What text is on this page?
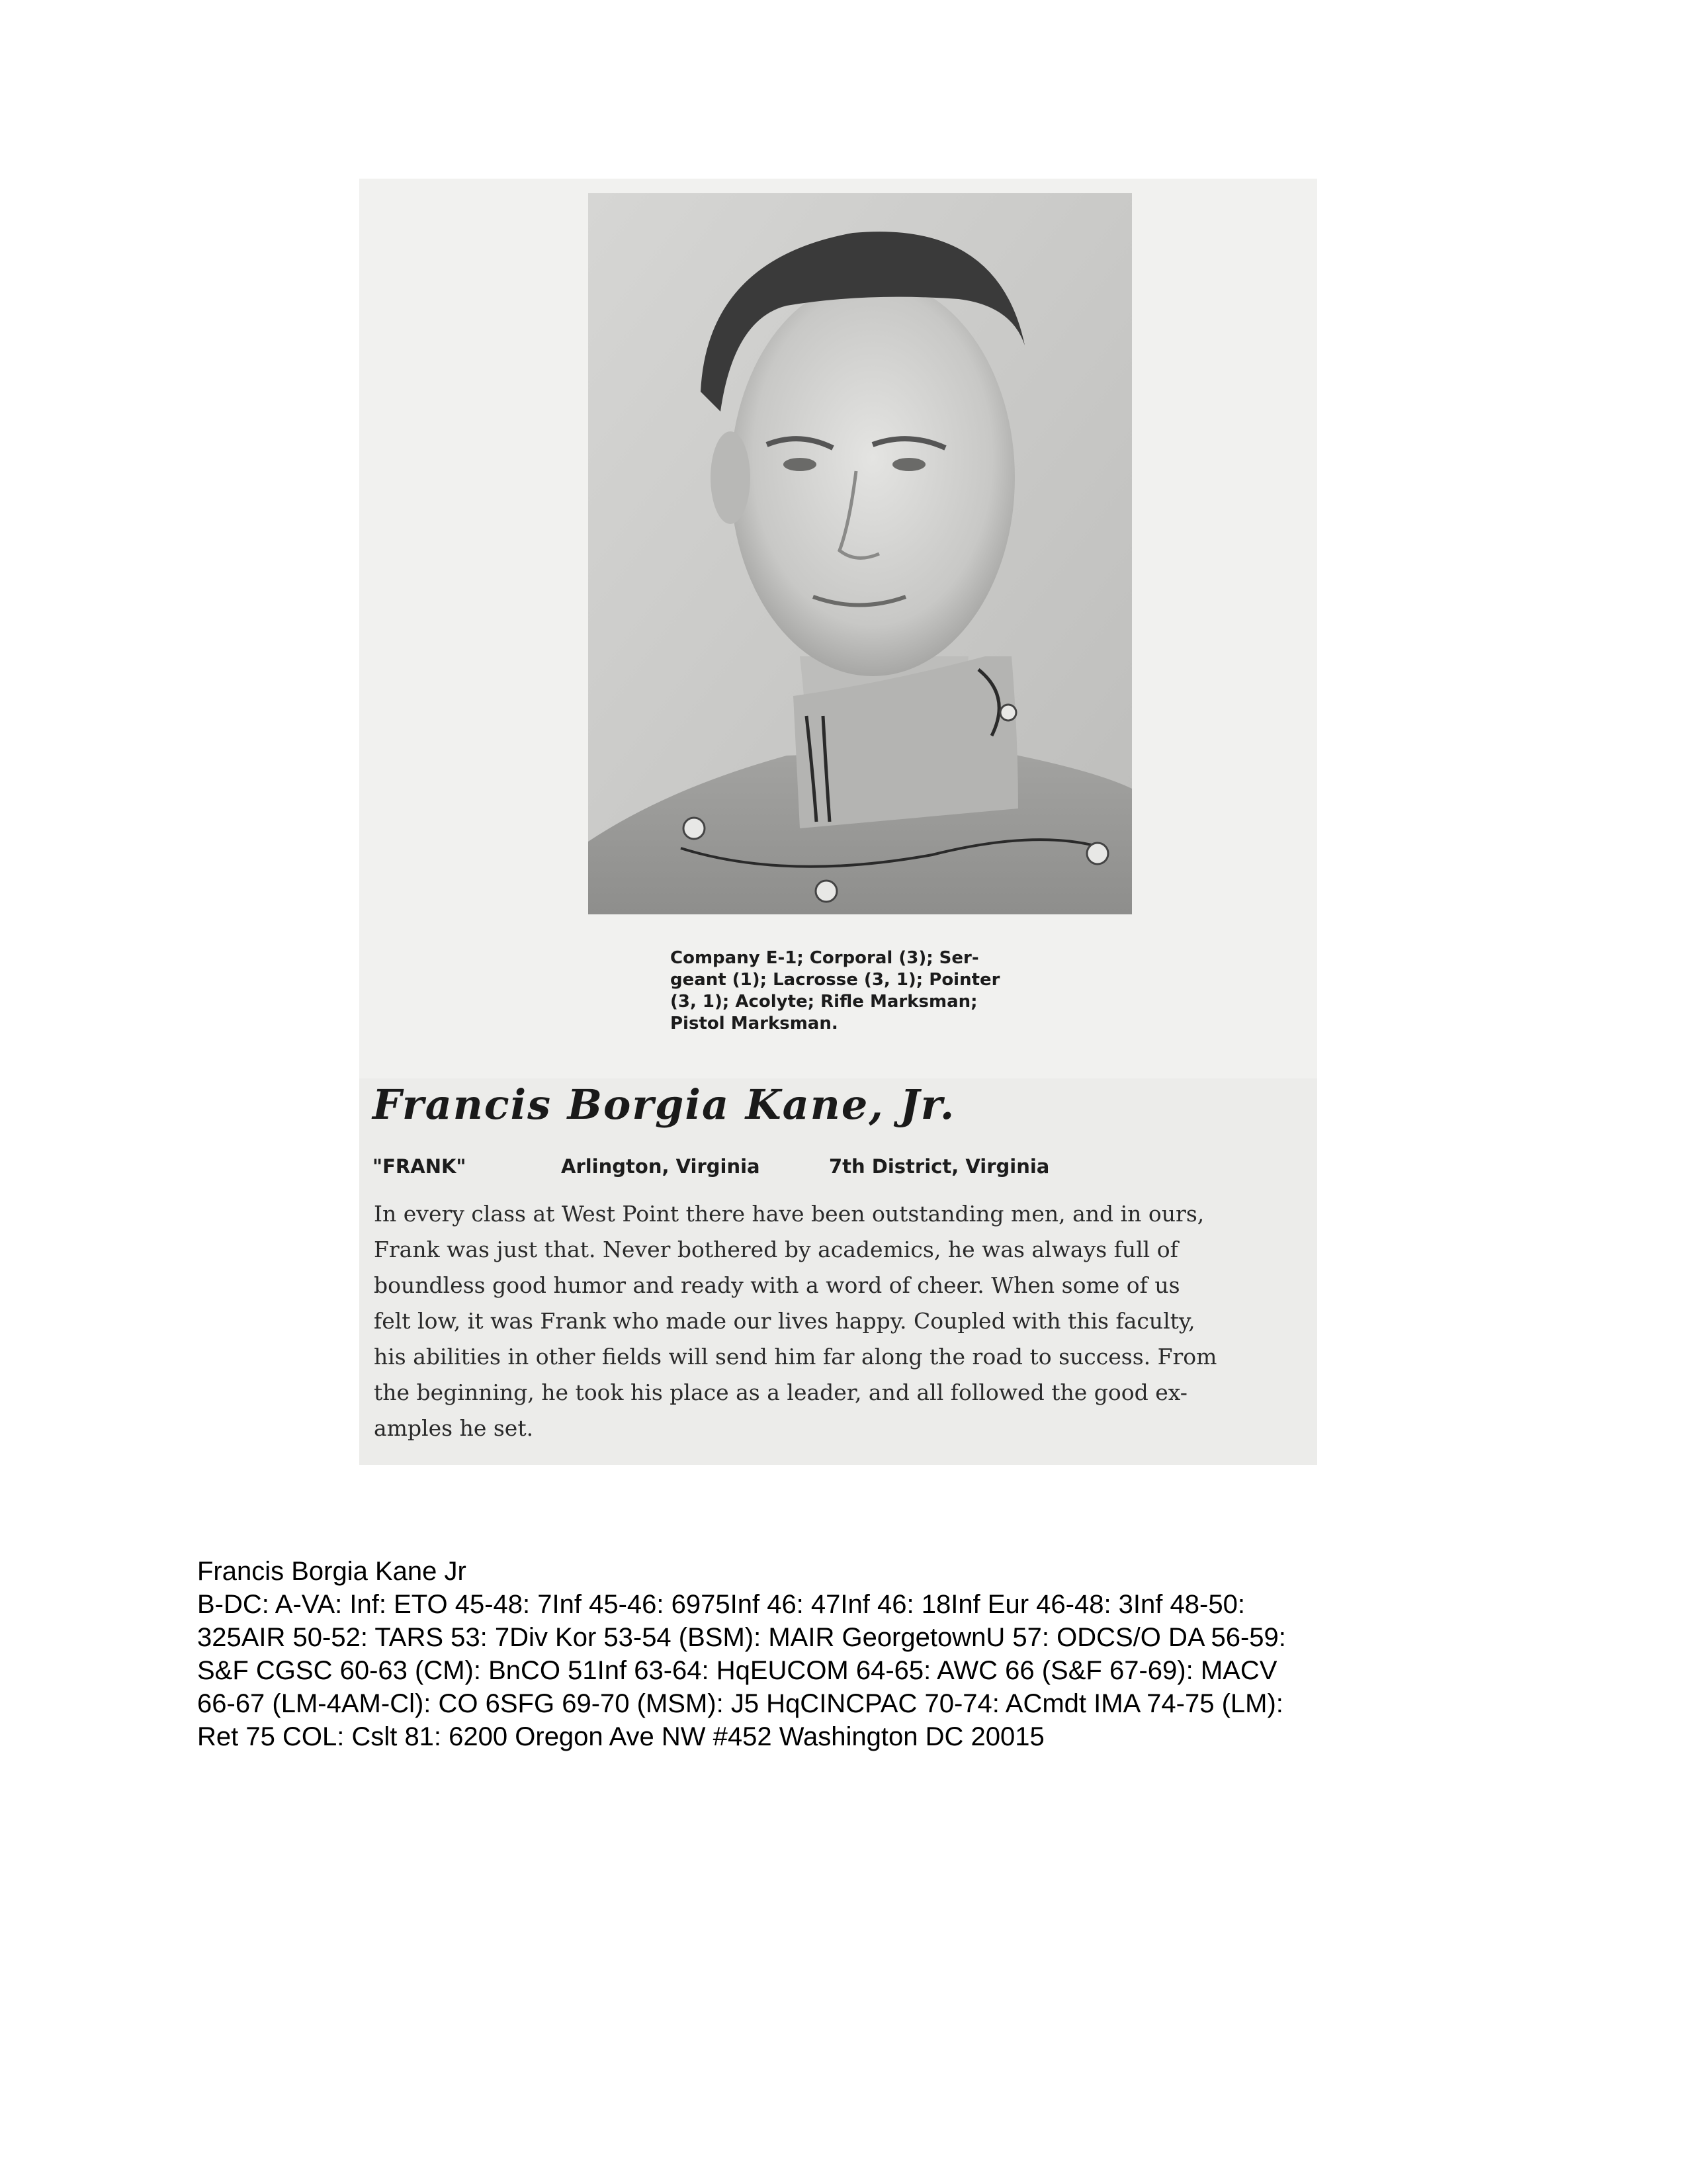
Company E-1; Corporal (3); Ser-
geant (1); Lacrosse (3, 1); Pointer
(3, 1); Acolyte; Rifle Marksman;
Pistol Marksman.
Francis Borgia Kane, Jr.
"FRANK"	Arlington, Virginia	7th District, Virginia
In every class at West Point there have been outstanding men, and in ours,
Frank was just that. Never bothered by academics, he was always full of
boundless good humor and ready with a word of cheer. When some of us
felt low, it was Frank who made our lives happy. Coupled with this faculty,
his abilities in other fields will send him far along the road to success. From
the beginning, he took his place as a leader, and all followed the good ex-
amples he set.
Francis Borgia Kane Jr
B-DC: A-VA: Inf: ETO 45-48: 7Inf 45-46: 6975Inf 46: 47Inf 46: 18Inf Eur 46-48: 3Inf 48-50:
325AIR 50-52: TARS 53: 7Div Kor 53-54 (BSM): MAIR GeorgetownU 57: ODCS/O DA 56-59:
S&F CGSC 60-63 (CM): BnCO 51Inf 63-64: HqEUCOM 64-65: AWC 66 (S&F 67-69): MACV
66-67 (LM-4AM-Cl): CO 6SFG 69-70 (MSM): J5 HqCINCPAC 70-74: ACmdt IMA 74-75 (LM):
Ret 75 COL: Cslt 81: 6200 Oregon Ave NW #452 Washington DC 20015
